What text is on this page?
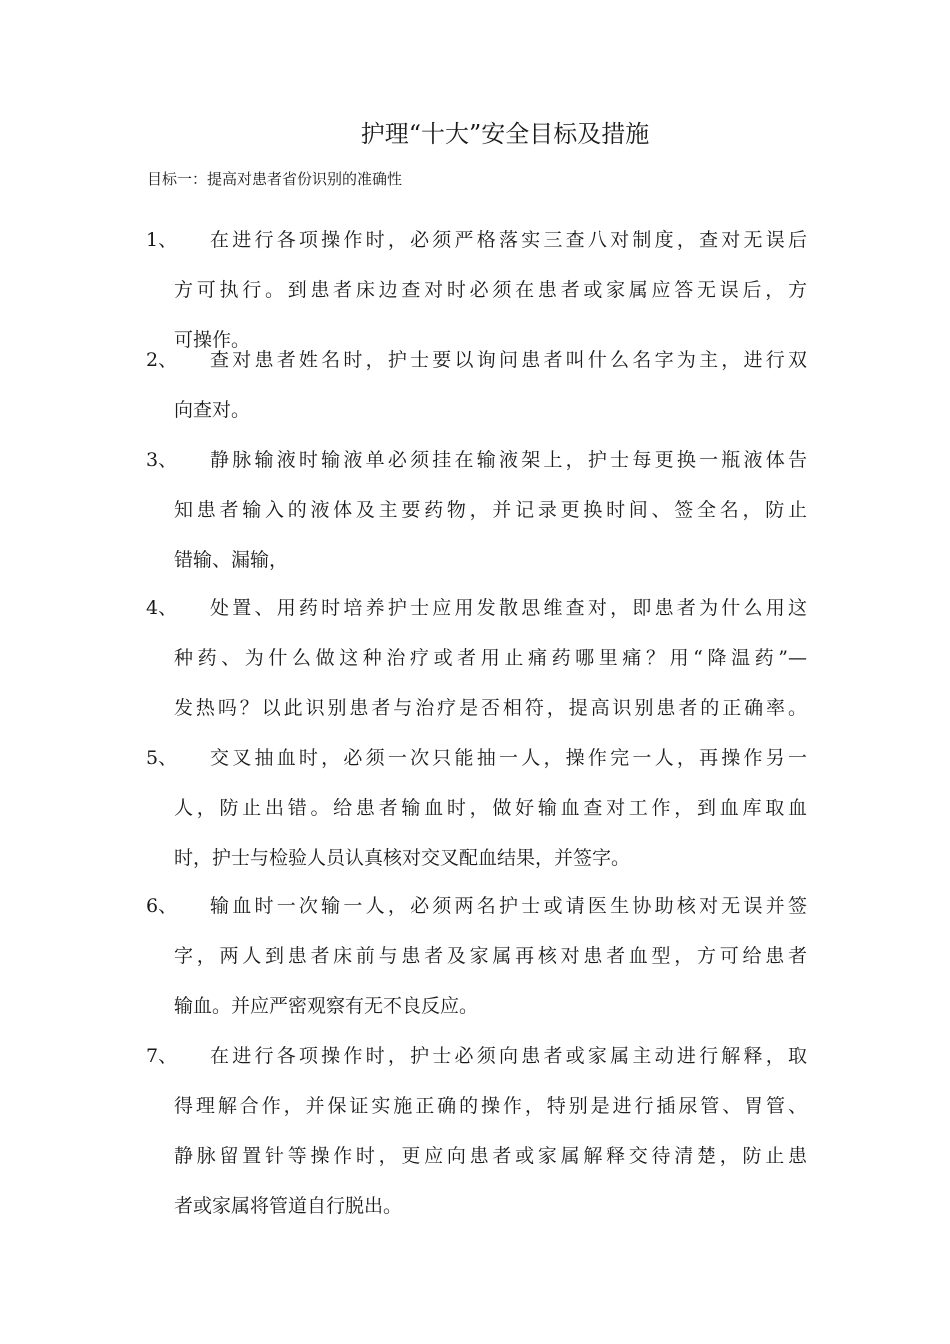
护理“十大”安全目标及措施
目标一：提高对患者省份识别的准确性
1、 在进行各项操作时，必须严格落实三查八对制度，查对无误后
方可执行。到患者床边查对时必须在患者或家属应答无误后，方
可操作。
2、 查对患者姓名时，护士要以询问患者叫什么名字为主，进行双
向查对。
3、 静脉输液时输液单必须挂在输液架上，护士每更换一瓶液体告
知患者输入的液体及主要药物，并记录更换时间、签全名，防止
错输、漏输，
4、 处置、用药时培养护士应用发散思维查对，即患者为什么用这
种药、为什么做这种治疗或者用止痛药哪里痛？用“降温药”—
发热吗？以此识别患者与治疗是否相符，提高识别患者的正确率。
5、 交叉抽血时，必须一次只能抽一人，操作完一人，再操作另一
人，防止出错。给患者输血时，做好输血查对工作，到血库取血
时，护士与检验人员认真核对交叉配血结果，并签字。
6、 输血时一次输一人，必须两名护士或请医生协助核对无误并签
字，两人到患者床前与患者及家属再核对患者血型，方可给患者
输血。并应严密观察有无不良反应。
7、 在进行各项操作时，护士必须向患者或家属主动进行解释，取
得理解合作，并保证实施正确的操作，特别是进行插尿管、胃管、
静脉留置针等操作时，更应向患者或家属解释交待清楚，防止患
者或家属将管道自行脱出。
